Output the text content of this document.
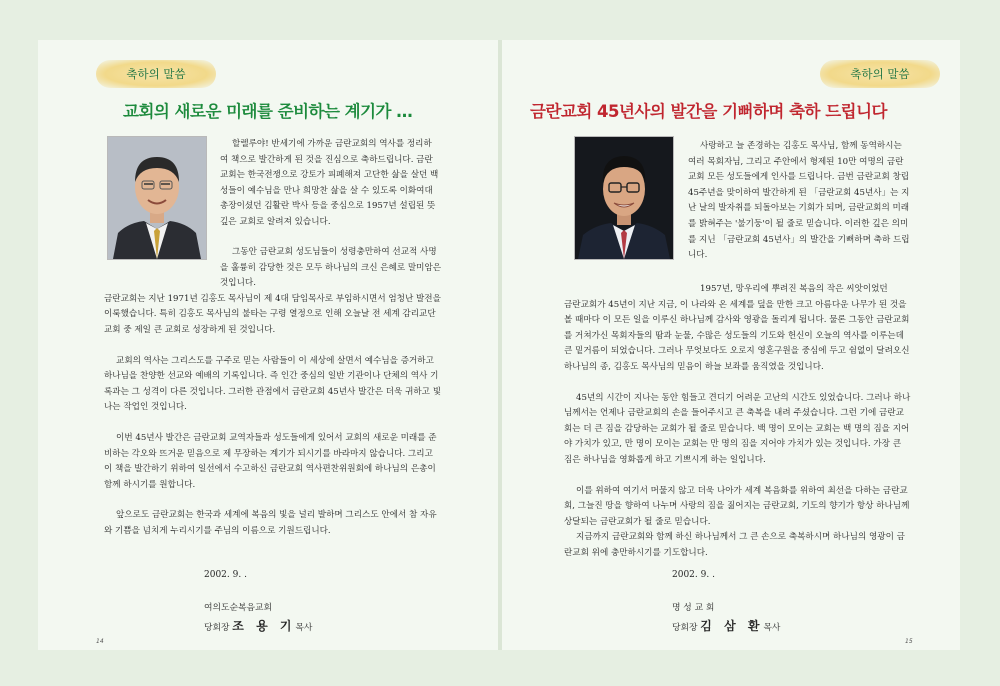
축하의 말씀
교회의 새로운 미래를 준비하는 계기가 …

할렐루야! 반세기에 가까운 금란교회의 역사를 정리하여 책으로 발간하게 된 것을 진심으로 축하드립니다. 금란교회는 한국전쟁으로 강토가 피폐해져 고단한 삶을 살던 백성들이 예수님을 만나 희망찬 삶을 살 수 있도록 이화여대 총장이셨던 김활란 박사 등을 중심으로 1957년 설립된 뜻 깊은 교회로 알려져 있습니다.

그동안 금란교회 성도님들이 성령충만하여 선교적 사명을 훌륭히 감당한 것은 모두 하나님의 크신 은혜로 말미암은 것입니다.

금란교회는 지난 1971년 김홍도 목사님이 제 4대 담임목사로 부임하시면서 엄청난 발전을 이룩했습니다. 특히 김홍도 목사님의 불타는 구령 열정으로 인해 오늘날 전 세계 감리교단 교회 중 제일 큰 교회로 성장하게 된 것입니다.

교회의 역사는 그리스도를 구주로 믿는 사람들이 이 세상에 살면서 예수님을 증거하고 하나님을 찬양한 선교와 예배의 기록입니다. 즉 인간 중심의 일반 기관이나 단체의 역사 기록과는 그 성격이 다른 것입니다. 그러한 관점에서 금란교회 45년사 발간은 더욱 귀하고 빛나는 작업인 것입니다.

이번 45년사 발간은 금란교회 교역자들과 성도들에게 있어서 교회의 새로운 미래를 준비하는 각오와 뜨거운 믿음으로 제 무장하는 계기가 되시기를 바라마지 않습니다. 그리고 이 책을 발간하기 위하여 일선에서 수고하신 금란교회 역사편찬위원회에 하나님의 은총이 함께 하시기를 원합니다.

앞으로도 금란교회는 한국과 세계에 복음의 빛을 널리 발하며 그리스도 안에서 참 자유와 기쁨을 넘치게 누리시기를 주님의 이름으로 기원드립니다.

2002. 9. .
여의도순복음교회
당회장 조 용 기목사
축하의 말씀
금란교회 45년사의 발간을 기뻐하며 축하 드립니다

사랑하고 늘 존경하는 김홍도 목사님, 함께 동역하시는 여러 목회자님, 그리고 주안에서 형제된 10만 여명의 금란교회 모든 성도들에게 인사를 드립니다. 금번 금란교회 창립 45주년을 맞이하여 발간하게 된 「금란교회 45년사」는 지난 날의 발자취를 되돌아보는 기회가 되며, 금란교회의 미래를 밝혀주는 '불기둥'이 될 줄로 믿습니다. 이러한 깊은 의미를 지닌 「금란교회 45년사」의 발간을 기뻐하며 축하 드립니다.

1957년, 망우리에 뿌려진 복음의 작은 씨앗이었던

금란교회가 45년이 지난 지금, 이 나라와 온 세계를 덮을 만한 크고 아름다운 나무가 된 것을 볼 때마다 이 모든 일을 이루신 하나님께 감사와 영광을 돌리게 됩니다. 물론 그동안 금란교회를 거쳐가신 목회자들의 땀과 눈물, 수많은 성도들의 기도와 헌신이 오늘의 역사를 이루는데 큰 밑거름이 되었습니다. 그러나 무엇보다도 오로지 영혼구원을 중심에 두고 쉼없이 달려오신 하나님의 종, 김홍도 목사님의 믿음이 하늘 보좌를 움직였을 것입니다.

45년의 시간이 지나는 동안 힘들고 견디기 어려운 고난의 시간도 있었습니다. 그러나 하나님께서는 언제나 금란교회의 손을 들어주시고 큰 축복을 내려 주셨습니다. 그런 기에 금란교회는 더 큰 짐을 감당하는 교회가 될 줄로 믿습니다. 백 명이 모이는 교회는 백 명의 짐을 지어야 가치가 있고, 만 명이 모이는 교회는 만 명의 짐을 지어야 가치가 있는 것입니다. 가장 큰 짐은 하나님을 영화롭게 하고 기쁘시게 하는 일입니다.

이를 위하여 여기서 머물지 않고 더욱 나아가 세계 복음화를 위하여 최선을 다하는 금란교회, 그늘진 땅을 향하여 나누며 사랑의 짐을 짊어지는 금란교회, 기도의 향기가 항상 하나님께 상달되는 금란교회가 될 줄로 믿습니다.

지금까지 금란교회와 함께 하신 하나님께서 그 큰 손으로 축복하시며 하나님의 영광이 금란교회 위에 충만하시기를 기도합니다.

2002. 9. .
명 성 교 회
당회장 김 삼 환목사
14	15
